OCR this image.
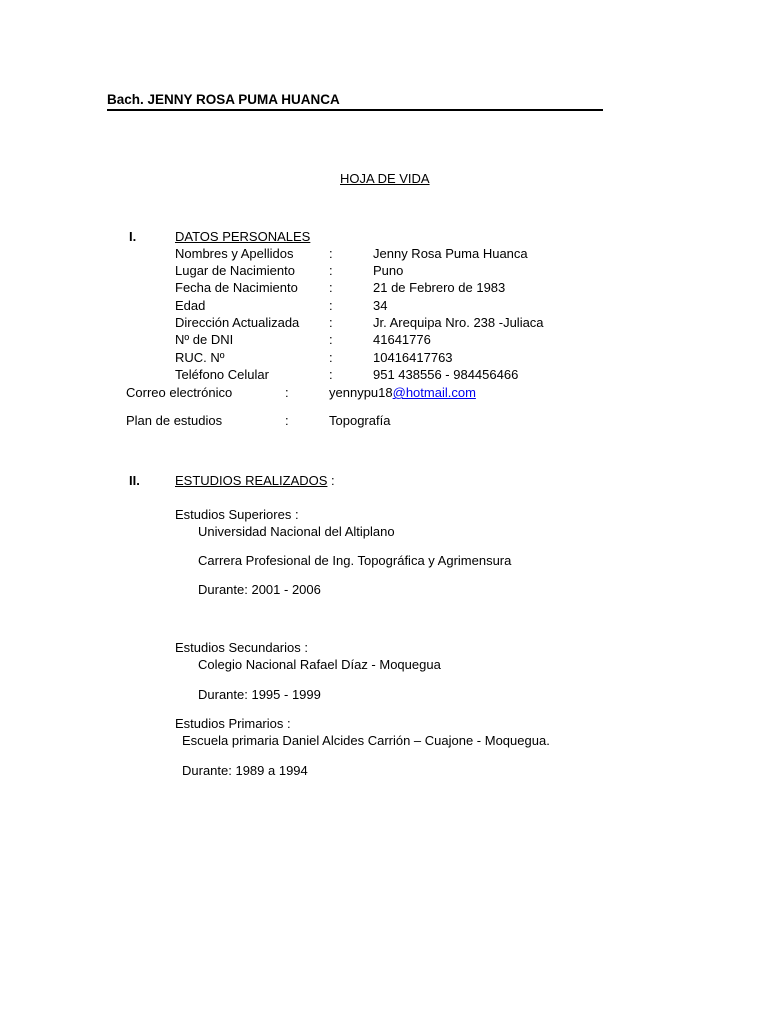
Bach. JENNY ROSA PUMA HUANCA
HOJA DE VIDA
I.	DATOS PERSONALES
Nombres y Apellidos	:	Jenny Rosa Puma Huanca
Lugar de Nacimiento	:	Puno
Fecha de Nacimiento :	21 de Febrero de 1983
Edad	:	34
Dirección Actualizada :	Jr. Arequipa Nro. 238 -Juliaca
Nº de DNI	:	41641776
RUC. Nº	:	10416417763
Teléfono Celular	:	951 438556 - 984456466
Correo electrónico	:	yennypu18@hotmail.com
Plan de estudios	:	Topografía
II.	ESTUDIOS REALIZADOS :
Estudios Superiores :
Universidad Nacional del Altiplano
Carrera Profesional de Ing. Topográfica y Agrimensura
Durante: 2001 - 2006
Estudios Secundarios :
Colegio Nacional Rafael Díaz - Moquegua
Durante: 1995 - 1999
Estudios Primarios :
Escuela primaria Daniel Alcides Carrión – Cuajone - Moquegua.
Durante: 1989 a 1994
